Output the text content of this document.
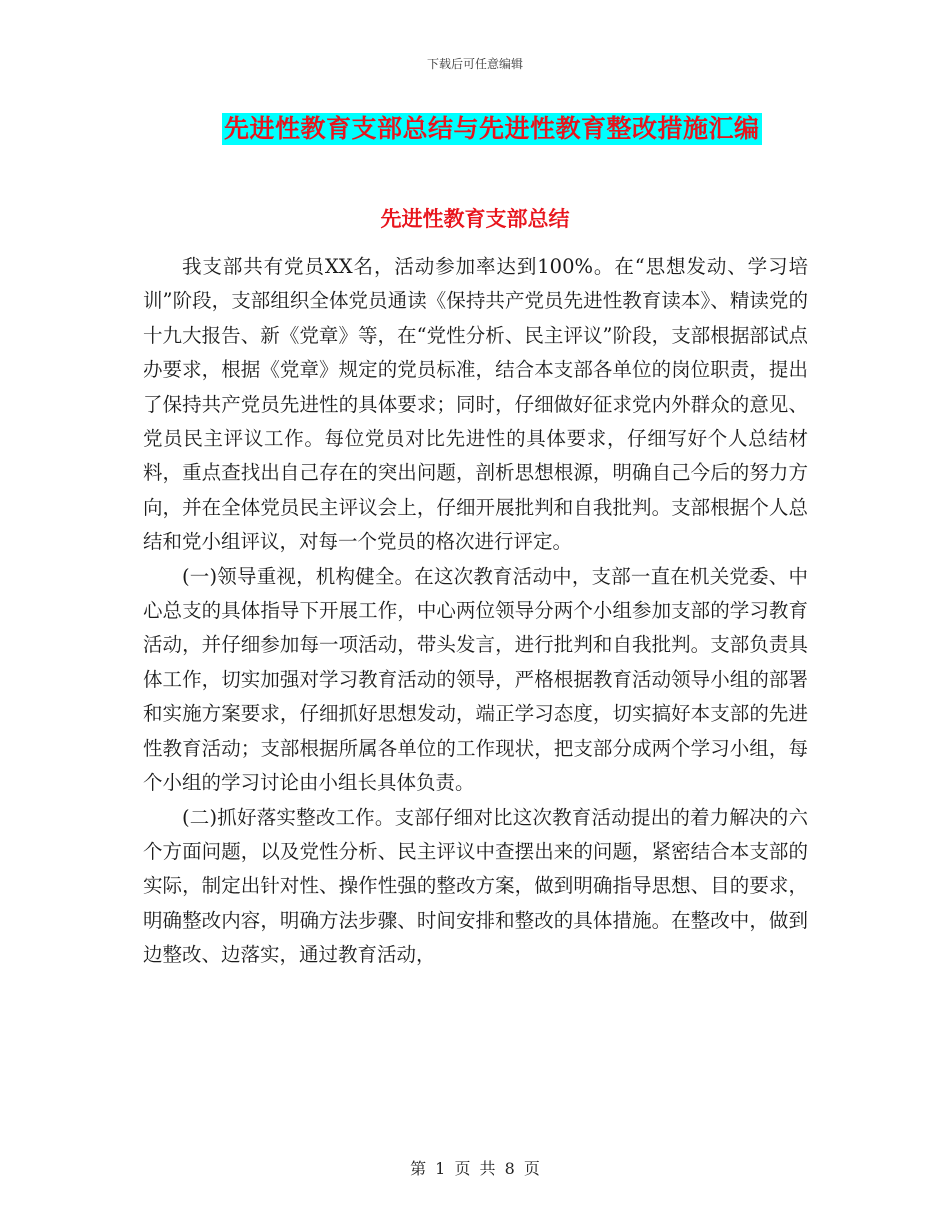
下载后可任意编辑
先进性教育支部总结与先进性教育整改措施汇编
先进性教育支部总结

我支部共有党员XX名，活动参加率达到100%。在“思想发动、学习培训”阶段，支部组织全体党员通读《保持共产党员先进性教育读本》、精读党的十九大报告、新《党章》等，在“党性分析、民主评议”阶段，支部根据部试点办要求，根据《党章》规定的党员标准，结合本支部各单位的岗位职责，提出了保持共产党员先进性的具体要求；同时，仔细做好征求党内外群众的意见、党员民主评议工作。每位党员对比先进性的具体要求，仔细写好个人总结材料，重点查找出自己存在的突出问题，剖析思想根源，明确自己今后的努力方向，并在全体党员民主评议会上，仔细开展批判和自我批判。支部根据个人总结和党小组评议，对每一个党员的格次进行评定。

(一)领导重视，机构健全。在这次教育活动中，支部一直在机关党委、中心总支的具体指导下开展工作，中心两位领导分两个小组参加支部的学习教育活动，并仔细参加每一项活动，带头发言，进行批判和自我批判。支部负责具体工作，切实加强对学习教育活动的领导，严格根据教育活动领导小组的部署和实施方案要求，仔细抓好思想发动，端正学习态度，切实搞好本支部的先进性教育活动；支部根据所属各单位的工作现状，把支部分成两个学习小组，每个小组的学习讨论由小组长具体负责。

(二)抓好落实整改工作。支部仔细对比这次教育活动提出的着力解决的六个方面问题，以及党性分析、民主评议中查摆出来的问题，紧密结合本支部的实际，制定出针对性、操作性强的整改方案，做到明确指导思想、目的要求，明确整改内容，明确方法步骤、时间安排和整改的具体措施。在整改中，做到边整改、边落实，通过教育活动，

第 1 页 共 8 页
